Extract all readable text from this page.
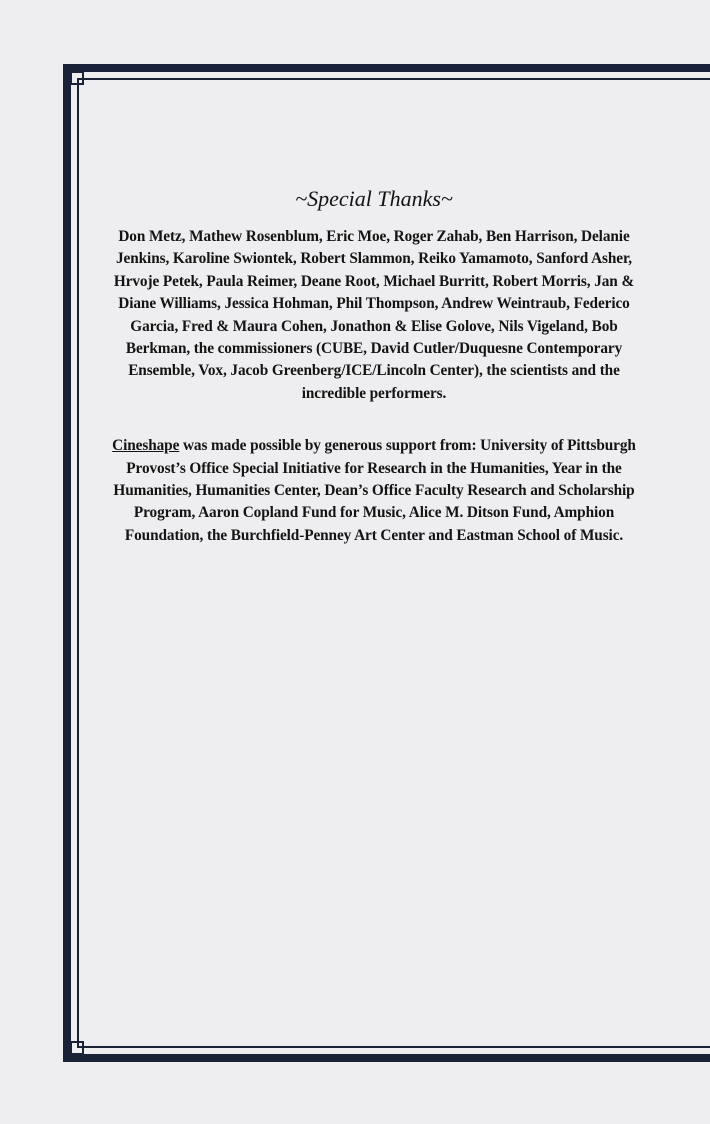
~Special Thanks~

Don Metz, Mathew Rosenblum, Eric Moe, Roger Zahab, Ben Harrison, Delanie Jenkins, Karoline Swiontek, Robert Slammon, Reiko Yamamoto, Sanford Asher, Hrvoje Petek, Paula Reimer, Deane Root, Michael Burritt, Robert Morris, Jan & Diane Williams, Jessica Hohman, Phil Thompson, Andrew Weintraub, Federico Garcia, Fred & Maura Cohen, Jonathon & Elise Golove, Nils Vigeland, Bob Berkman, the commissioners (CUBE, David Cutler/Duquesne Contemporary Ensemble, Vox, Jacob Greenberg/ICE/Lincoln Center), the scientists and the incredible performers.

Cineshape was made possible by generous support from: University of Pittsburgh Provost’s Office Special Initiative for Research in the Humanities, Year in the Humanities, Humanities Center, Dean’s Office Faculty Research and Scholarship Program, Aaron Copland Fund for Music, Alice M. Ditson Fund, Amphion Foundation, the Burchfield-Penney Art Center and Eastman School of Music.
